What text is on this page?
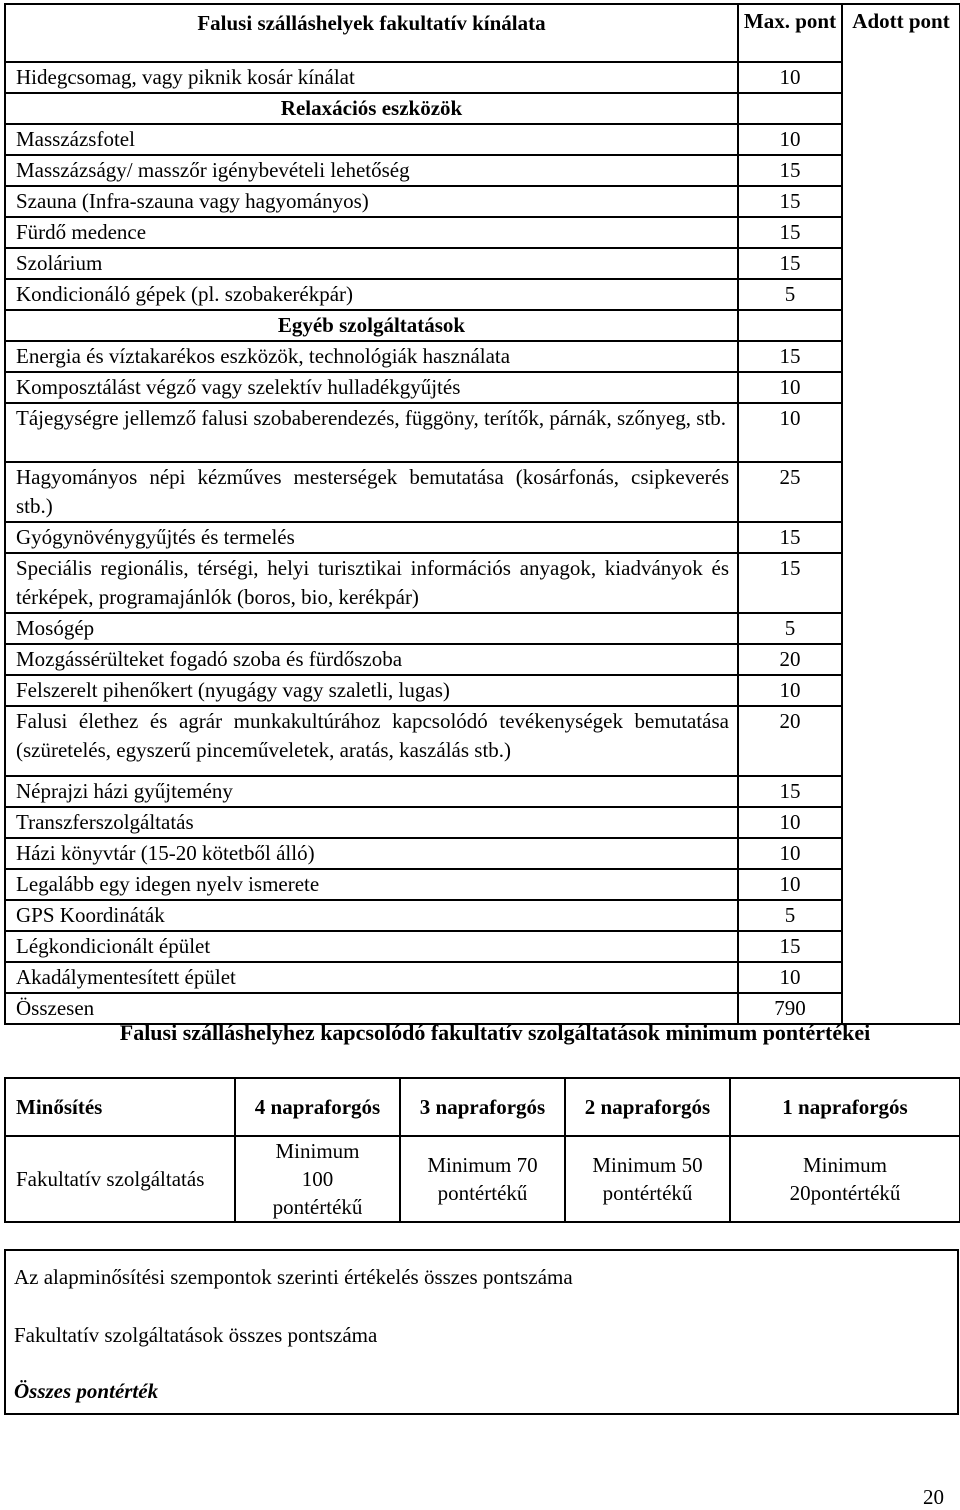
Falusi szálláshelyek fakultatív kínálata	Max. pont	Adott pont
Hidegcsomag, vagy piknik kosár kínálat	10	
Relaxációs eszközök		
Masszázsfotel	10	
Masszázságy/ masszőr igénybevételi lehetőség	15	
Szauna (Infra-szauna vagy hagyományos)	15	
Fürdő medence	15	
Szolárium	15	
Kondicionáló gépek (pl. szobakerékpár)	5	
Egyéb szolgáltatások		
Energia és víztakarékos eszközök, technológiák használata	15	
Komposztálást végző vagy szelektív hulladékgyűjtés	10	
Tájegységre jellemző falusi szobaberendezés, függöny, terítők, párnák, szőnyeg, stb.	10	
Hagyományos népi kézműves mesterségek bemutatása (kosárfonás, csipkeverés stb.)	25	
Gyógynövénygyűjtés és termelés	15	
Speciális regionális, térségi, helyi turisztikai információs anyagok, kiadványok és térképek, programajánlók (boros, bio, kerékpár)	15	
Mosógép	5	
Mozgássérülteket fogadó szoba és fürdőszoba	20	
Felszerelt pihenőkert (nyugágy vagy szaletli, lugas)	10	
Falusi élethez és agrár munkakultúrához kapcsolódó tevékenységek bemutatása (szüretelés, egyszerű pinceműveletek, aratás, kaszálás stb.)	20	
Néprajzi házi gyűjtemény	15	
Transzferszolgáltatás	10	
Házi könyvtár (15-20 kötetből álló)	10	
Legalább egy idegen nyelv ismerete	10	
GPS Koordináták	5	
Légkondicionált épület	15	
Akadálymentesített épület	10	
Összesen	790	
Falusi szálláshelyhez kapcsolódó fakultatív szolgáltatások minimum pontértékei
Minősítés	4 napraforgós	3 napraforgós	2 napraforgós	1 napraforgós
Fakultatív szolgáltatás	Minimum 100 pontértékű	Minimum 70 pontértékű	Minimum 50 pontértékű	Minimum 20pontértékű
Az alapminősítési szempontok szerinti értékelés összes pontszáma
Fakultatív szolgáltatások összes pontszáma
Összes pontérték
20
